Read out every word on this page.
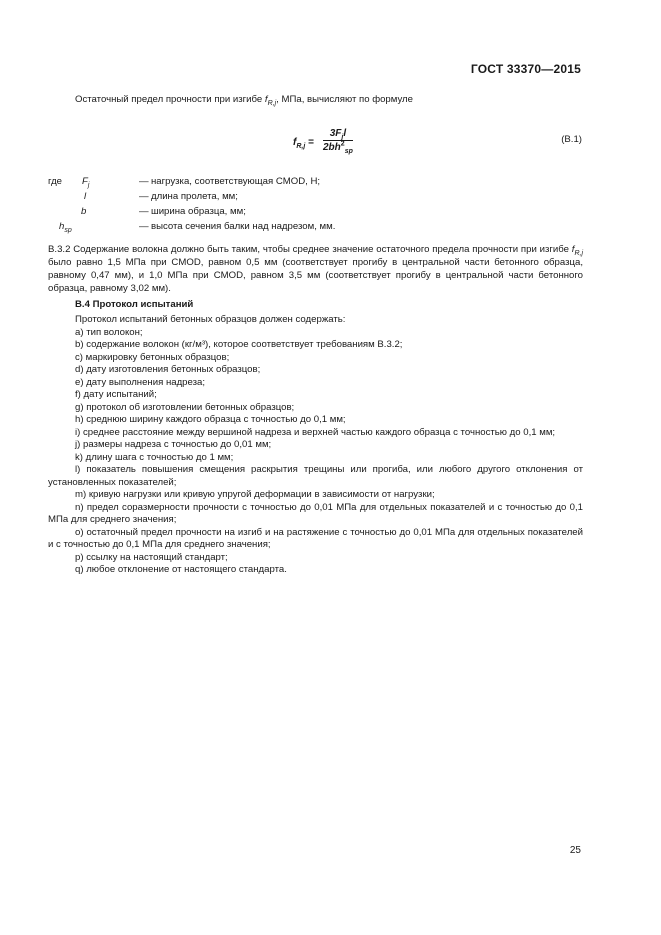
ГОСТ 33370—2015
Остаточный предел прочности при изгибе $f_{R,j}$, МПа, вычисляют по формуле
$f_{R,j}$ =
$3F_jl$
$2bh^2_{sp}$
(В.1)
где $F_j$	— нагрузка, соответствующая CMOD, Н;
l	— длина пролета, мм;
b	— ширина образца, мм;
$h_{sp}$	— высота сечения балки над надрезом, мм.
В.3.2 Содержание волокна должно быть таким, чтобы среднее значение остаточного предела прочности при изгибе $f_{R,j}$ было равно 1,5 МПа при CMOD, равном 0,5 мм (соответствует прогибу в центральной части бетонного образца, равному 0,47 мм), и 1,0 МПа при CMOD, равном 3,5 мм (соответствует прогибу в центральной части бетонного образца, равному 3,02 мм).
В.4 Протокол испытаний
Протокол испытаний бетонных образцов должен содержать:
а) тип волокон;
b) содержание волокон (кг/м³), которое соответствует требованиям В.3.2;
с) маркировку бетонных образцов;
d) дату изготовления бетонных образцов;
е) дату выполнения надреза;
f) дату испытаний;
g) протокол об изготовлении бетонных образцов;
h) среднюю ширину каждого образца с точностью до 0,1 мм;
i) среднее расстояние между вершиной надреза и верхней частью каждого образца с точностью до 0,1 мм;
j) размеры надреза с точностью до 0,01 мм;
k) длину шага с точностью до 1 мм;
l) показатель повышения смещения раскрытия трещины или прогиба, или любого другого отклонения от установленных показателей;
m) кривую нагрузки или кривую упругой деформации в зависимости от нагрузки;
n) предел соразмерности прочности с точностью до 0,01 МПа для отдельных показателей и с точностью до 0,1 МПа для среднего значения;
о) остаточный предел прочности на изгиб и на растяжение с точностью до 0,01 МПа для отдельных показателей и с точностью до 0,1 МПа для среднего значения;
р) ссылку на настоящий стандарт;
q) любое отклонение от настоящего стандарта.
25
